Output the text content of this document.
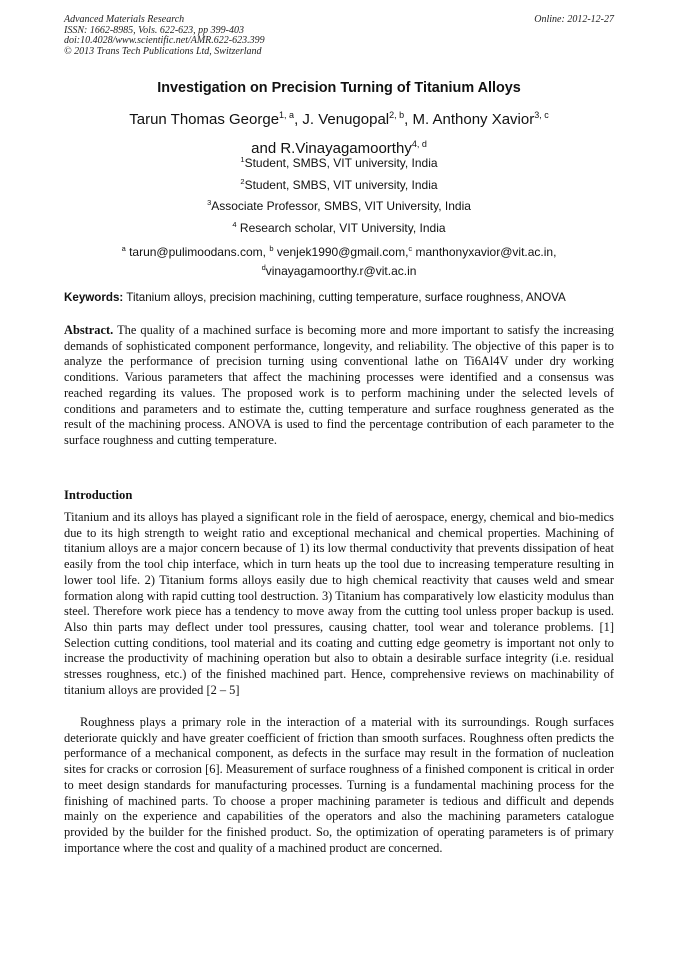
Advanced Materials Research
ISSN: 1662-8985, Vols. 622-623, pp 399-403
doi:10.4028/www.scientific.net/AMR.622-623.399
© 2013 Trans Tech Publications Ltd, Switzerland
Online: 2012-12-27
Investigation on Precision Turning of Titanium Alloys
Tarun Thomas George$^{1, a}$, J. Venugopal$^{2, b}$, M. Anthony Xavior$^{3, c}$
and R.Vinayagamoorthy$^{4, d}$
$^1$Student, SMBS, VIT university, India
$^2$Student, SMBS, VIT university, India
$^3$Associate Professor, SMBS, VIT University, India
$^4$ Research scholar, VIT University, India
$^a$ tarun@pulimoodans.com, $^b$ venjek1990@gmail.com,$^c$ manthonyxavior@vit.ac.in,
$^d$vinayagamoorthy.r@vit.ac.in
Keywords: Titanium alloys, precision machining, cutting temperature, surface roughness, ANOVA
Abstract. The quality of a machined surface is becoming more and more important to satisfy the increasing demands of sophisticated component performance, longevity, and reliability. The objective of this paper is to analyze the performance of precision turning using conventional lathe on Ti6Al4V under dry working conditions. Various parameters that affect the machining processes were identified and a consensus was reached regarding its values. The proposed work is to perform machining under the selected levels of conditions and parameters and to estimate the, cutting temperature and surface roughness generated as the result of the machining process. ANOVA is used to find the percentage contribution of each parameter to the surface roughness and cutting temperature.
Introduction
Titanium and its alloys has played a significant role in the field of aerospace, energy, chemical and bio-medics due to its high strength to weight ratio and exceptional mechanical and chemical properties. Machining of titanium alloys are a major concern because of 1) its low thermal conductivity that prevents dissipation of heat easily from the tool chip interface, which in turn heats up the tool due to increasing temperature resulting in lower tool life. 2) Titanium forms alloys easily due to high chemical reactivity that causes weld and smear formation along with rapid cutting tool destruction. 3) Titanium has comparatively low elasticity modulus than steel. Therefore work piece has a tendency to move away from the cutting tool unless proper backup is used. Also thin parts may deflect under tool pressures, causing chatter, tool wear and tolerance problems. [1] Selection cutting conditions, tool material and its coating and cutting edge geometry is important not only to increase the productivity of machining operation but also to obtain a desirable surface integrity (i.e. residual stresses roughness, etc.) of the finished machined part. Hence, comprehensive reviews on machinability of titanium alloys are provided [2 – 5]
Roughness plays a primary role in the interaction of a material with its surroundings. Rough surfaces deteriorate quickly and have greater coefficient of friction than smooth surfaces. Roughness often predicts the performance of a mechanical component, as defects in the surface may result in the formation of nucleation sites for cracks or corrosion [6]. Measurement of surface roughness of a finished component is critical in order to meet design standards for manufacturing processes. Turning is a fundamental machining process for the finishing of machined parts. To choose a proper machining parameter is tedious and difficult and depends mainly on the experience and capabilities of the operators and also the machining parameters catalogue provided by the builder for the finished product. So, the optimization of operating parameters is of primary importance where the cost and quality of a machined product are concerned.
